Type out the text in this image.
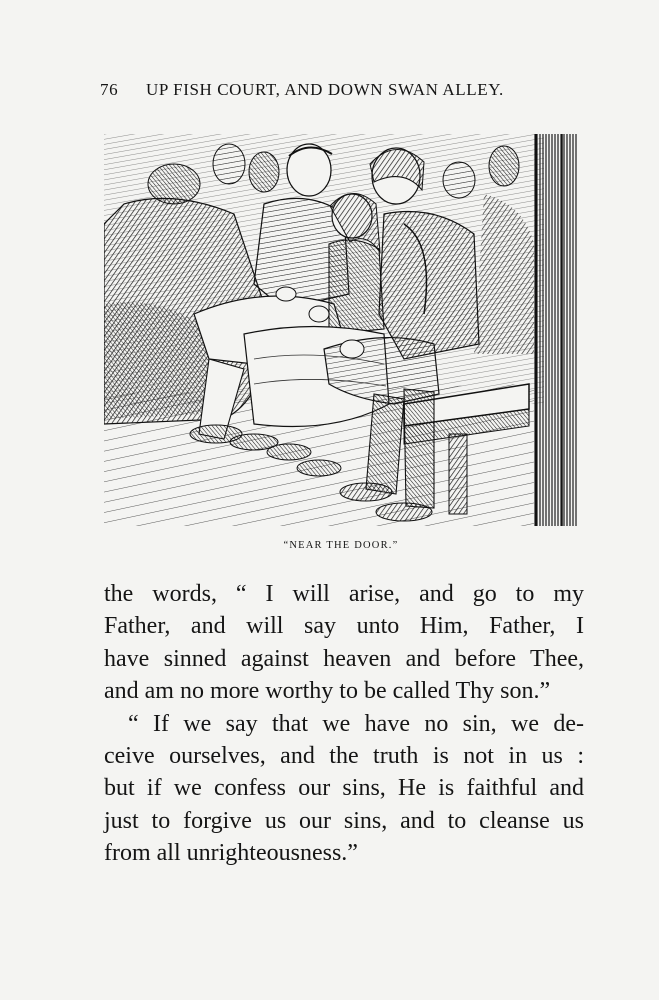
76 UP FISH COURT, AND DOWN SWAN ALLEY.
“NEAR THE DOOR.”
the words, “ I will arise, and go to my
Father, and will say unto Him, Father, I
have sinned against heaven and before Thee,
and am no more worthy to be called Thy son.”
“ If we say that we have no sin, we de-
ceive ourselves, and the truth is not in us :
but if we confess our sins, He is faithful and
just to forgive us our sins, and to cleanse us
from all unrighteousness.”
